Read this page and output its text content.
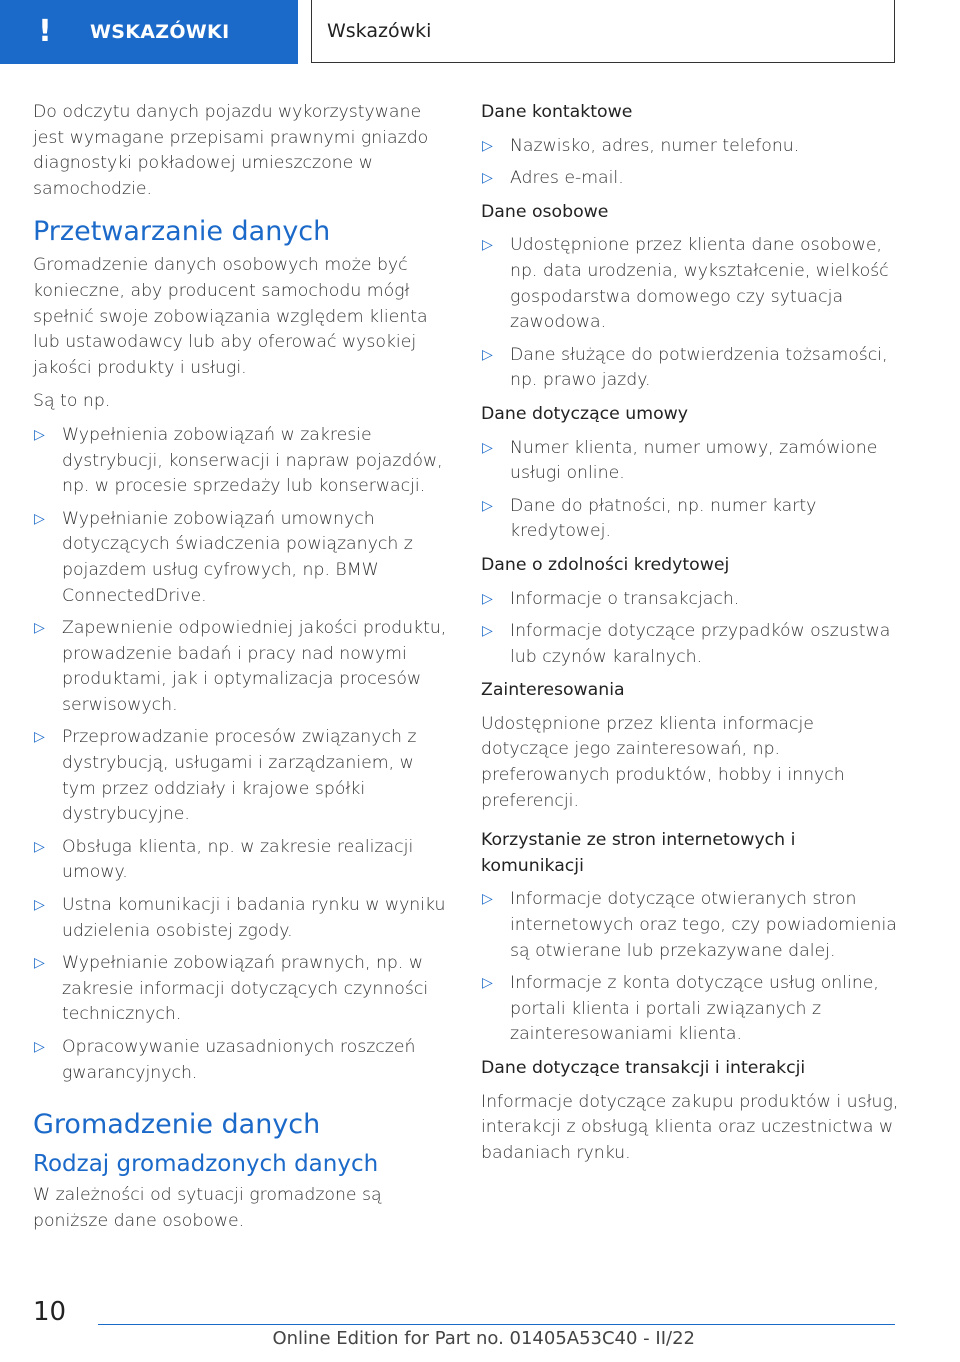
!	WSKAZÓWKI	Wskazówki

Do odczytu danych pojazdu wykorzystywane jest wymagane przepisami prawnymi gniazdo diagnostyki pokładowej umieszczone w samochodzie.

Przetwarzanie danych

Gromadzenie danych osobowych może być konieczne, aby producent samochodu mógł spełnić swoje zobowiązania względem klienta lub ustawodawcy lub aby oferować wysokiej jakości produkty i usługi.

Są to np.

▷ Wypełnienia zobowiązań w zakresie dystrybucji, konserwacji i napraw pojazdów, np. w procesie sprzedaży lub konserwacji.
▷ Wypełnianie zobowiązań umownych dotyczących świadczenia powiązanych z pojazdem usług cyfrowych, np. BMW ConnectedDrive.
▷ Zapewnienie odpowiedniej jakości produktu, prowadzenie badań i pracy nad nowymi produktami, jak i optymalizacja procesów serwisowych.
▷ Przeprowadzanie procesów związanych z dystrybucją, usługami i zarządzaniem, w tym przez oddziały i krajowe spółki dystrybucyjne.
▷ Obsługa klienta, np. w zakresie realizacji umowy.
▷ Ustna komunikacji i badania rynku w wyniku udzielenia osobistej zgody.
▷ Wypełnianie zobowiązań prawnych, np. w zakresie informacji dotyczących czynności technicznych.
▷ Opracowywanie uzasadnionych roszczeń gwarancyjnych.
Gromadzenie danych
Rodzaj gromadzonych danych

W zależności od sytuacji gromadzone są poniższe dane osobowe.

Dane kontaktowe
▷ Nazwisko, adres, numer telefonu.
▷ Adres e-mail.
Dane osobowe
▷ Udostępnione przez klienta dane osobowe, np. data urodzenia, wykształcenie, wielkość gospodarstwa domowego czy sytuacja zawodowa.
▷ Dane służące do potwierdzenia tożsamości, np. prawo jazdy.
Dane dotyczące umowy
▷ Numer klienta, numer umowy, zamówione usługi online.
▷ Dane do płatności, np. numer karty kredytowej.
Dane o zdolności kredytowej
▷ Informacje o transakcjach.
▷ Informacje dotyczące przypadków oszustwa lub czynów karalnych.
Zainteresowania

Udostępnione przez klienta informacje dotyczące jego zainteresowań, np. preferowanych produktów, hobby i innych preferencji.

Korzystanie ze stron internetowych i komunikacji
▷ Informacje dotyczące otwieranych stron internetowych oraz tego, czy powiadomienia są otwierane lub przekazywane dalej.
▷ Informacje z konta dotyczące usług online, portali klienta i portali związanych z zainteresowaniami klienta.
Dane dotyczące transakcji i interakcji

Informacje dotyczące zakupu produktów i usług, interakcji z obsługą klienta oraz uczestnictwa w badaniach rynku.

10
Online Edition for Part no. 01405A53C40 - II/22
